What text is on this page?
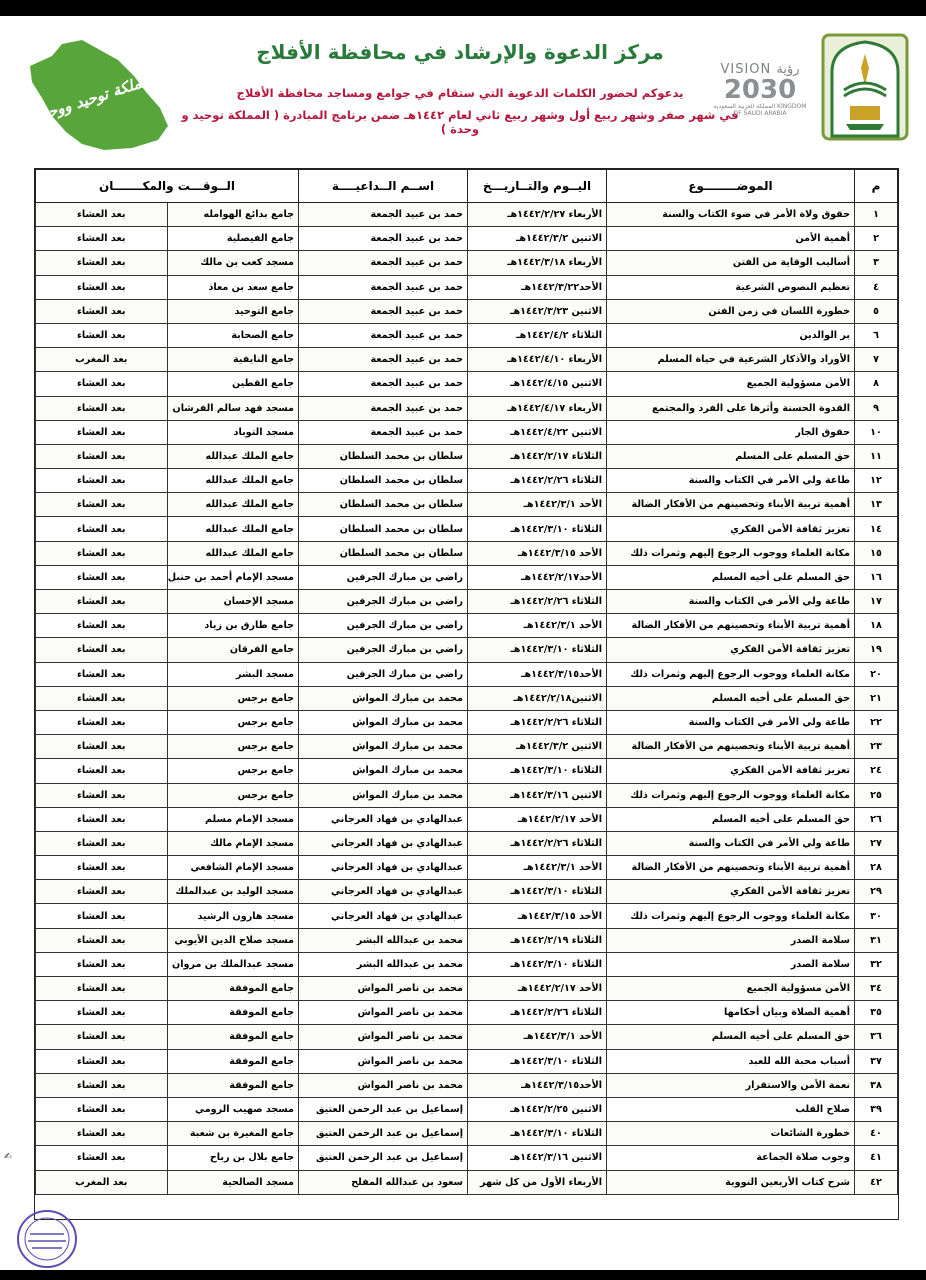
المملكة توحيد ووحدة
مركز الدعوة والإرشاد في محافظة الأفلاج
يدعوكم لحضور الكلمات الدعوية التي ستقام في جوامع ومساجد محافظة الأفلاج
في شهر صفر وشهر ربيع أول وشهر ربيع ثاني لعام ١٤٤٢هـ ضمن برنامج المبادرة ( المملكة توحيد و وحدة )
VISION رؤية
2030
المملكة العربية السعودية KINGDOM OF SAUDI ARABIA
م	الموضــــــــوع	اليــوم والتــاريـــخ	اســم الــداعيــــة	الــوقـــت والمكـــــــان	
١	حقوق ولاة الأمر في ضوء الكتاب والسنة	الأربعاء ١٤٤٢/٢/٢٧هـ	حمد بن عبيد الجمعة	جامع بدائع الهوامله	بعد العشاء
٢	أهمية الأمن	الاثنين ١٤٤٢/٣/٢هـ	حمد بن عبيد الجمعة	جامع الفيصلية	بعد العشاء
٣	أساليب الوقاية من الفتن	الأربعاء ١٤٤٢/٣/١٨هـ	حمد بن عبيد الجمعة	مسجد كعب بن مالك	بعد العشاء
٤	تعظيم النصوص الشرعية	الأحد١٤٤٢/٣/٢٢هـ	حمد بن عبيد الجمعة	جامع سعد بن معاذ	بعد العشاء
٥	خطورة اللسان في زمن الفتن	الاثنين ١٤٤٢/٣/٢٣هـ	حمد بن عبيد الجمعة	جامع التوحيد	بعد العشاء
٦	بر الوالدين	الثلاثاء ١٤٤٢/٤/٢هـ	حمد بن عبيد الجمعة	جامع الصحابة	بعد العشاء
٧	الأوراد والأذكار الشرعية في حياة المسلم	الأربعاء ١٤٤٢/٤/١٠هـ	حمد بن عبيد الجمعة	جامع النايفية	بعد المغرب
٨	الأمن مسؤولية الجميع	الاثنين ١٤٤٢/٤/١٥هـ	حمد بن عبيد الجمعة	جامع القطين	بعد العشاء
٩	القدوة الحسنة وأثرها على الفرد والمجتمع	الأربعاء ١٤٤٢/٤/١٧هـ	حمد بن عبيد الجمعة	مسجد فهد سالم الفرشان	بعد العشاء
١٠	حقوق الجار	الاثنين ١٤٤٢/٤/٢٢هـ	حمد بن عبيد الجمعة	مسجد التوباد	بعد العشاء
١١	حق المسلم على المسلم	الثلاثاء ١٤٤٢/٢/١٧هـ	سلطان بن محمد السلطان	جامع الملك عبدالله	بعد العشاء
١٢	طاعة ولي الأمر في الكتاب والسنة	الثلاثاء ١٤٤٢/٢/٢٦هـ	سلطان بن محمد السلطان	جامع الملك عبدالله	بعد العشاء
١٣	أهمية تربية الأبناء وتحصينهم من الأفكار الضالة	الأحد ١٤٤٢/٣/١هـ	سلطان بن محمد السلطان	جامع الملك عبدالله	بعد العشاء
١٤	تعزيز ثقافة الأمن الفكري	الثلاثاء ١٤٤٢/٣/١٠هـ	سلطان بن محمد السلطان	جامع الملك عبدالله	بعد العشاء
١٥	مكانة العلماء ووجوب الرجوع إليهم وثمرات ذلك	الأحد ١٤٤٢/٣/١٥هـ	سلطان بن محمد السلطان	جامع الملك عبدالله	بعد العشاء
١٦	حق المسلم على أخيه المسلم	الأحد١٤٤٢/٢/١٧هـ	راضي بن مبارك الجرفين	مسجد الإمام أحمد بن حنبل	بعد العشاء
١٧	طاعة ولي الأمر في الكتاب والسنة	الثلاثاء ١٤٤٢/٢/٢٦هـ	راضي بن مبارك الجرفين	مسجد الإحسان	بعد العشاء
١٨	أهمية تربية الأبناء وتحصينهم من الأفكار الضالة	الأحد ١٤٤٢/٣/١هـ	راضي بن مبارك الجرفين	جامع طارق بن زياد	بعد العشاء
١٩	تعزيز ثقافة الأمن الفكري	الثلاثاء ١٤٤٢/٣/١٠هـ	راضي بن مبارك الجرفين	جامع الفرقان	بعد العشاء
٢٠	مكانة العلماء ووجوب الرجوع إليهم وثمرات ذلك	الأحد١٤٤٢/٣/١٥هـ	راضي بن مبارك الجرفين	مسجد البشر	بعد العشاء
٢١	حق المسلم على أخيه المسلم	الاثنين١٤٤٢/٢/١٨هـ	محمد بن مبارك المواش	جامع برجس	بعد العشاء
٢٢	طاعة ولي الأمر في الكتاب والسنة	الثلاثاء ١٤٤٢/٢/٢٦هـ	محمد بن مبارك المواش	جامع برجس	بعد العشاء
٢٣	أهمية تربية الأبناء وتحصينهم من الأفكار الضالة	الاثنين ١٤٤٢/٣/٢هـ	محمد بن مبارك المواش	جامع برجس	بعد العشاء
٢٤	تعزيز ثقافة الأمن الفكري	الثلاثاء ١٤٤٢/٣/١٠هـ	محمد بن مبارك المواش	جامع برجس	بعد العشاء
٢٥	مكانة العلماء ووجوب الرجوع إليهم وثمرات ذلك	الاثنين ١٤٤٢/٣/١٦هـ	محمد بن مبارك المواش	جامع برجس	بعد العشاء
٢٦	حق المسلم على أخيه المسلم	الأحد ١٤٤٢/٢/١٧هـ	عبدالهادي بن فهاد العرجاني	مسجد الإمام مسلم	بعد العشاء
٢٧	طاعة ولي الأمر في الكتاب والسنة	الثلاثاء ١٤٤٢/٢/٢٦هـ	عبدالهادي بن فهاد العرجاني	مسجد الإمام مالك	بعد العشاء
٢٨	أهمية تربية الأبناء وتحصينهم من الأفكار الضالة	الأحد ١٤٤٢/٣/١هـ	عبدالهادي بن فهاد العرجاني	مسجد الإمام الشافعي	بعد العشاء
٢٩	تعزيز ثقافة الأمن الفكري	الثلاثاء ١٤٤٢/٣/١٠هـ	عبدالهادي بن فهاد العرجاني	مسجد الوليد بن عبدالملك	بعد العشاء
٣٠	مكانة العلماء ووجوب الرجوع إليهم وثمرات ذلك	الأحد ١٤٤٢/٣/١٥هـ	عبدالهادي بن فهاد العرجاني	مسجد هارون الرشيد	بعد العشاء
٣١	سلامة الصدر	الثلاثاء ١٤٤٢/٢/١٩هـ	محمد بن عبدالله البشر	مسجد صلاح الدين الأيوبي	بعد العشاء
٣٢	سلامة الصدر	الثلاثاء ١٤٤٢/٣/١٠هـ	محمد بن عبدالله البشر	مسجد عبدالملك بن مروان	بعد العشاء
٣٤	الأمن مسؤولية الجميع	الأحد ١٤٤٢/٢/١٧هـ	محمد بن ناصر المواش	جامع الموفقة	بعد العشاء
٣٥	أهمية الصلاة وبيان أحكامها	الثلاثاء ١٤٤٢/٢/٢٦هـ	محمد بن ناصر المواش	جامع الموفقة	بعد العشاء
٣٦	حق المسلم على أخيه المسلم	الأحد ١٤٤٢/٣/١هـ	محمد بن ناصر المواش	جامع الموفقة	بعد العشاء
٣٧	أسباب محبة الله للعبد	الثلاثاء ١٤٤٢/٣/١٠هـ	محمد بن ناصر المواش	جامع الموفقة	بعد العشاء
٣٨	نعمة الأمن والاستقرار	الأحد١٤٤٢/٣/١٥هـ	محمد بن ناصر المواش	جامع الموفقة	بعد العشاء
٣٩	صلاح القلب	الاثنين ١٤٤٢/٢/٢٥هـ	إسماعيل بن عبد الرحمن العتيق	مسجد صهيب الرومي	بعد العشاء
٤٠	خطورة الشائعات	الثلاثاء ١٤٤٢/٣/١٠هـ	إسماعيل بن عبد الرحمن العتيق	جامع المغيرة بن شعبة	بعد العشاء
٤١	وجوب صلاة الجماعة	الاثنين ١٤٤٢/٣/١٦هـ	إسماعيل بن عبد الرحمن العتيق	جامع بلال بن رباح	بعد العشاء
٤٢	شرح كتاب الأربعين النووية	الأربعاء الأول من كل شهر	سعود بن عبدالله المفلح	مسجد الصالحية	بعد المغرب
✍
